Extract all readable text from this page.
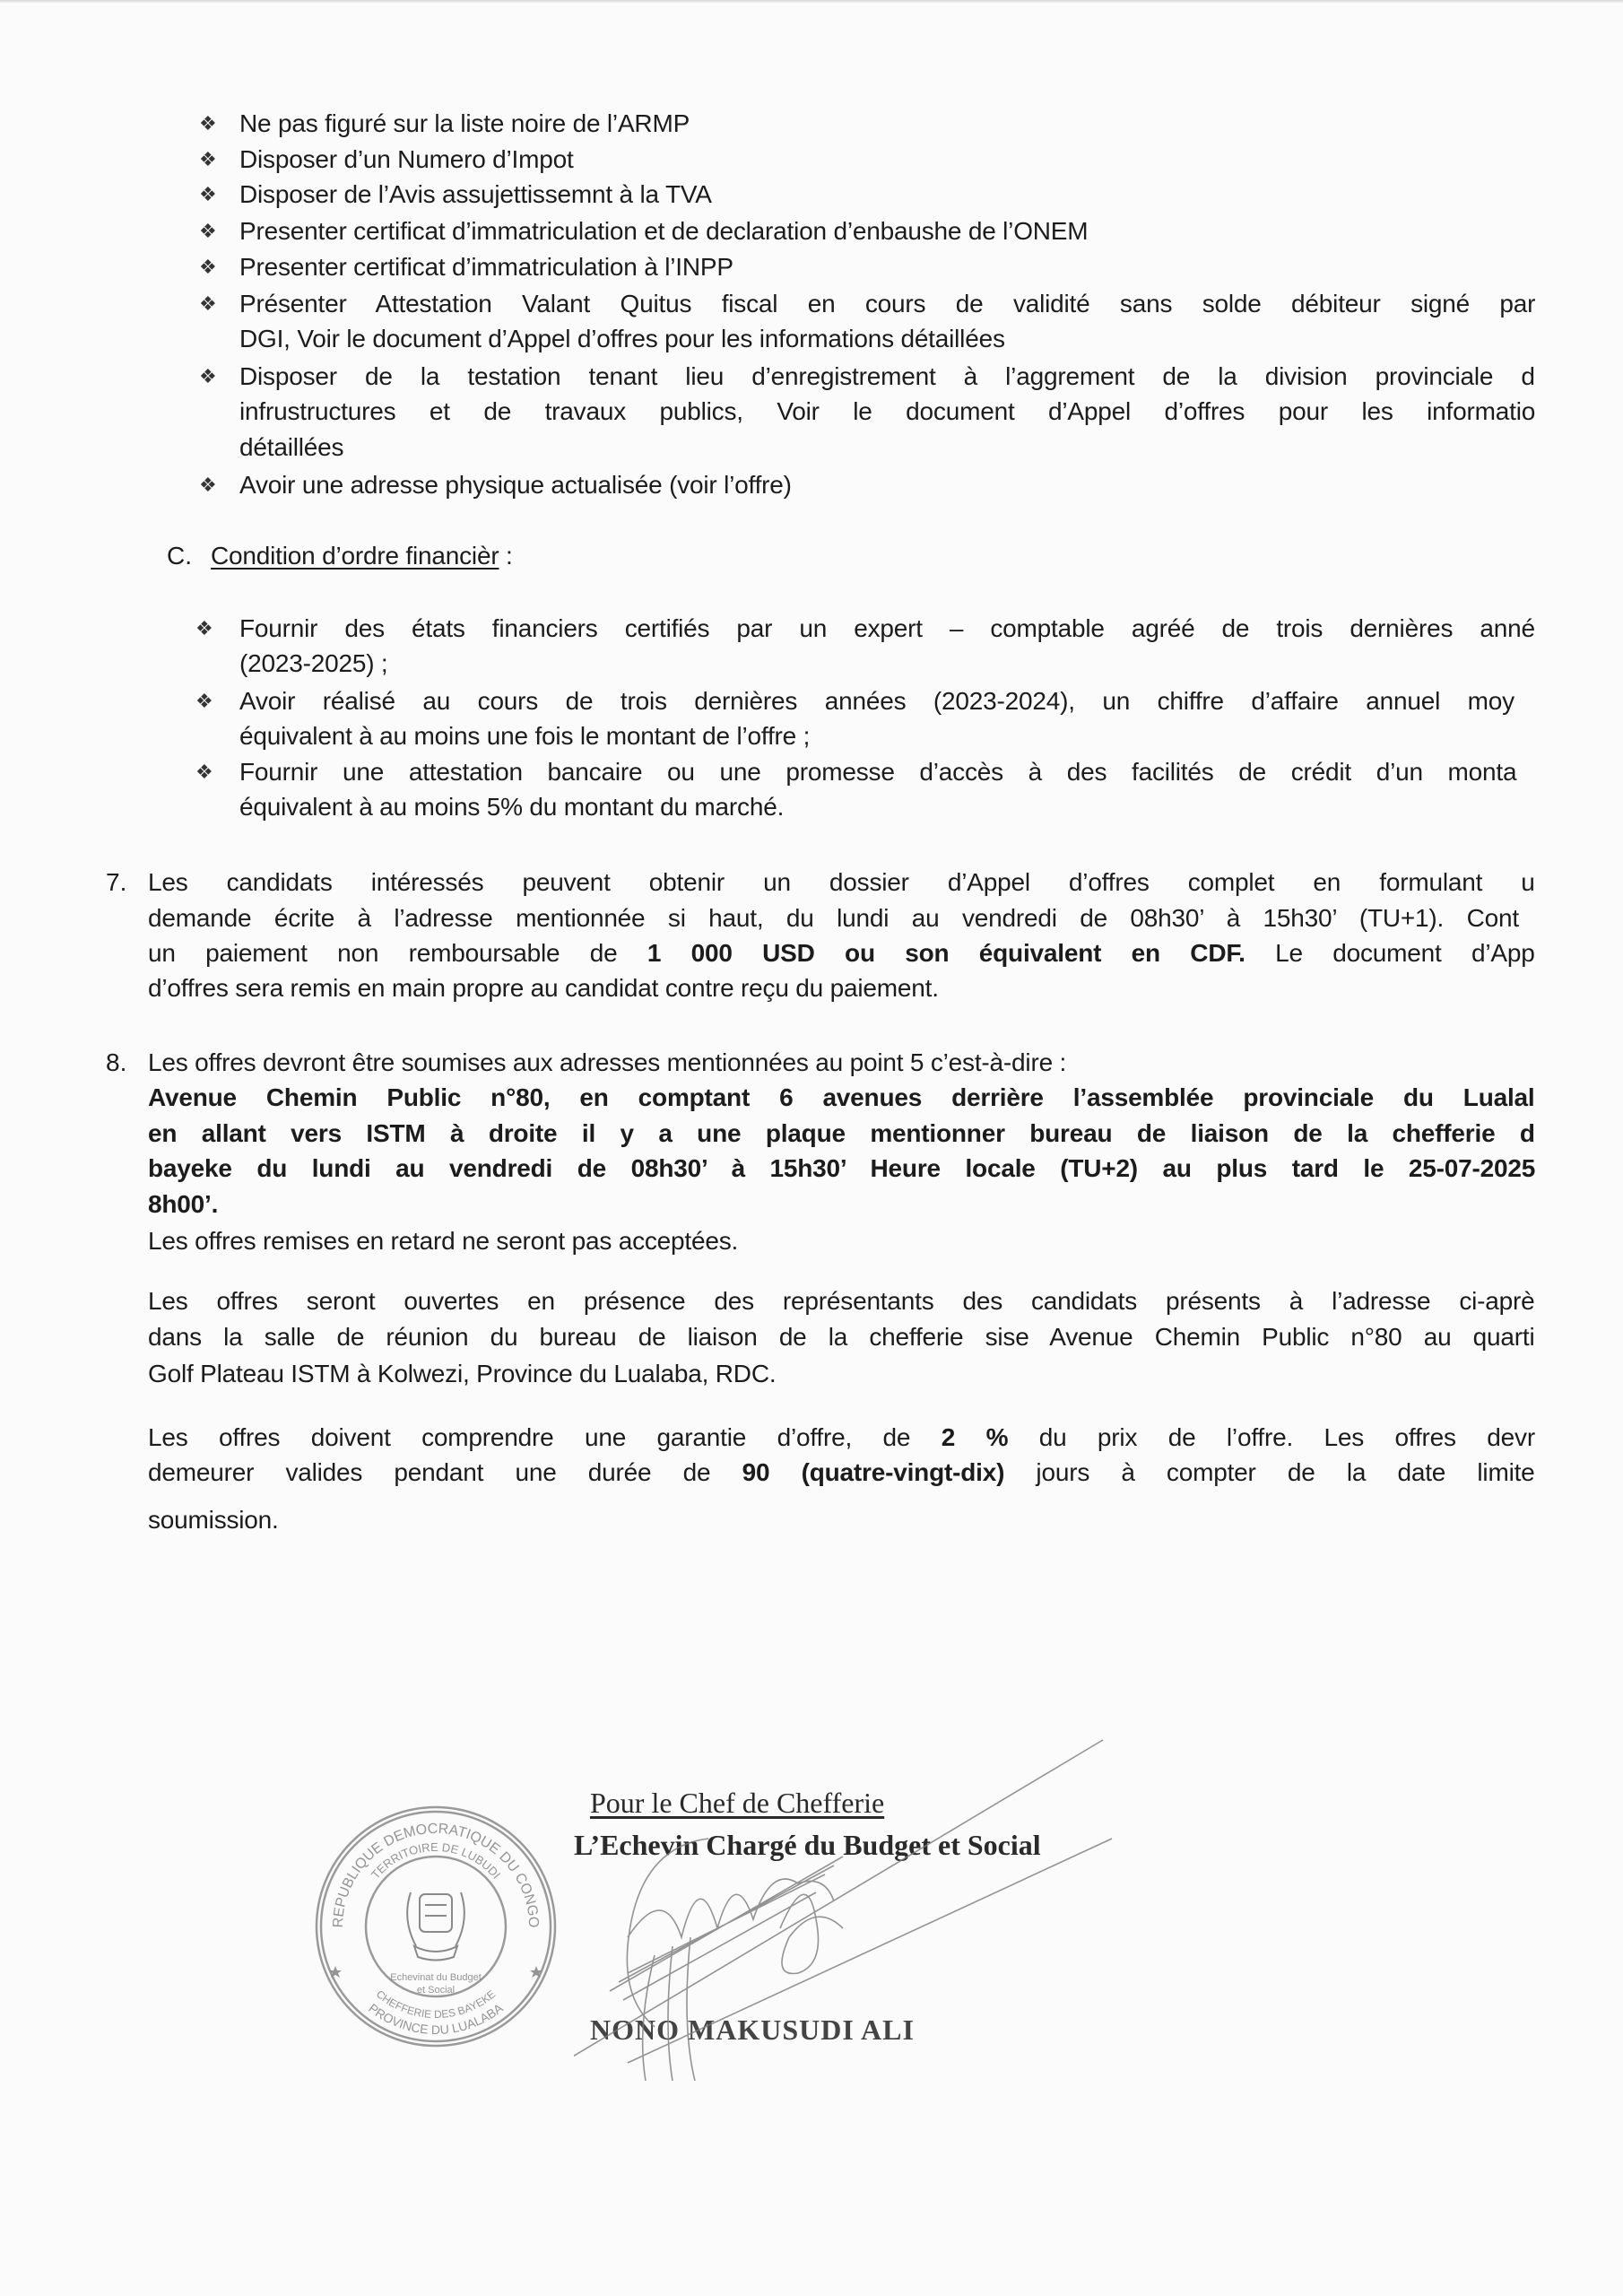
❖ Ne pas figuré sur la liste noire de l’ARMP
❖ Disposer d’un Numero d’Impot
❖ Disposer de l’Avis assujettissemnt à la TVA
❖ Presenter certificat d’immatriculation et de declaration d’enbaushe de l’ONEM
❖ Presenter certificat d’immatriculation à l’INPP
❖ Présenter Attestation Valant Quitus fiscal en cours de validité sans solde débiteur signé par
DGI, Voir le document d’Appel d’offres pour les informations détaillées
❖ Disposer de la testation tenant lieu d’enregistrement à l’aggrement de la division provinciale d
infrustructures et de travaux publics, Voir le document d’Appel d’offres pour les informatio
détaillées
❖ Avoir une adresse physique actualisée (voir l’offre)
❖ Fournir des états financiers certifiés par un expert – comptable agréé de trois dernières anné
(2023-2025) ;
❖ Avoir réalisé au cours de trois dernières années (2023-2024), un chiffre d’affaire annuel moy
équivalent à au moins une fois le montant de l’offre ;
❖ Fournir une attestation bancaire ou une promesse d’accès à des facilités de crédit d’un monta
équivalent à au moins 5% du montant du marché.
Les candidats intéressés peuvent obtenir un dossier d’Appel d’offres complet en formulant u
demande écrite à l’adresse mentionnée si haut, du lundi au vendredi de 08h30’ à 15h30’ (TU+1). Cont
un paiement non remboursable de 1 000 USD ou son équivalent en CDF. Le document d’App
d’offres sera remis en main propre au candidat contre reçu du paiement.
Les offres devront être soumises aux adresses mentionnées au point 5 c’est-à-dire :
Avenue Chemin Public n°80, en comptant 6 avenues derrière l’assemblée provinciale du Lualal
en allant vers ISTM à droite il y a une plaque mentionner bureau de liaison de la chefferie d
bayeke du lundi au vendredi de 08h30’ à 15h30’ Heure locale (TU+2) au plus tard le 25-07-2025
8h00’.
Les offres remises en retard ne seront pas acceptées.
Les offres seront ouvertes en présence des représentants des candidats présents à l’adresse ci-aprè
dans la salle de réunion du bureau de liaison de la chefferie sise Avenue Chemin Public n°80 au quarti
Golf Plateau ISTM à Kolwezi, Province du Lualaba, RDC.
Les offres doivent comprendre une garantie d’offre, de 2 % du prix de l’offre. Les offres devr
demeurer valides pendant une durée de 90 (quatre-vingt-dix) jours à compter de la date limite
soumission.
C. Condition d’ordre financièr :
7.
8.
REPUBLIQUE DEMOCRATIQUE DU CONGO
TERRITOIRE DE LUBUDI
CHEFFERIE DES BAYEKE
PROVINCE DU LUALABA
Echevinat du Budget
et Social
Pour le Chef de Chefferie
L’Echevin Chargé du Budget et Social
NONO MAKUSUDI ALI
